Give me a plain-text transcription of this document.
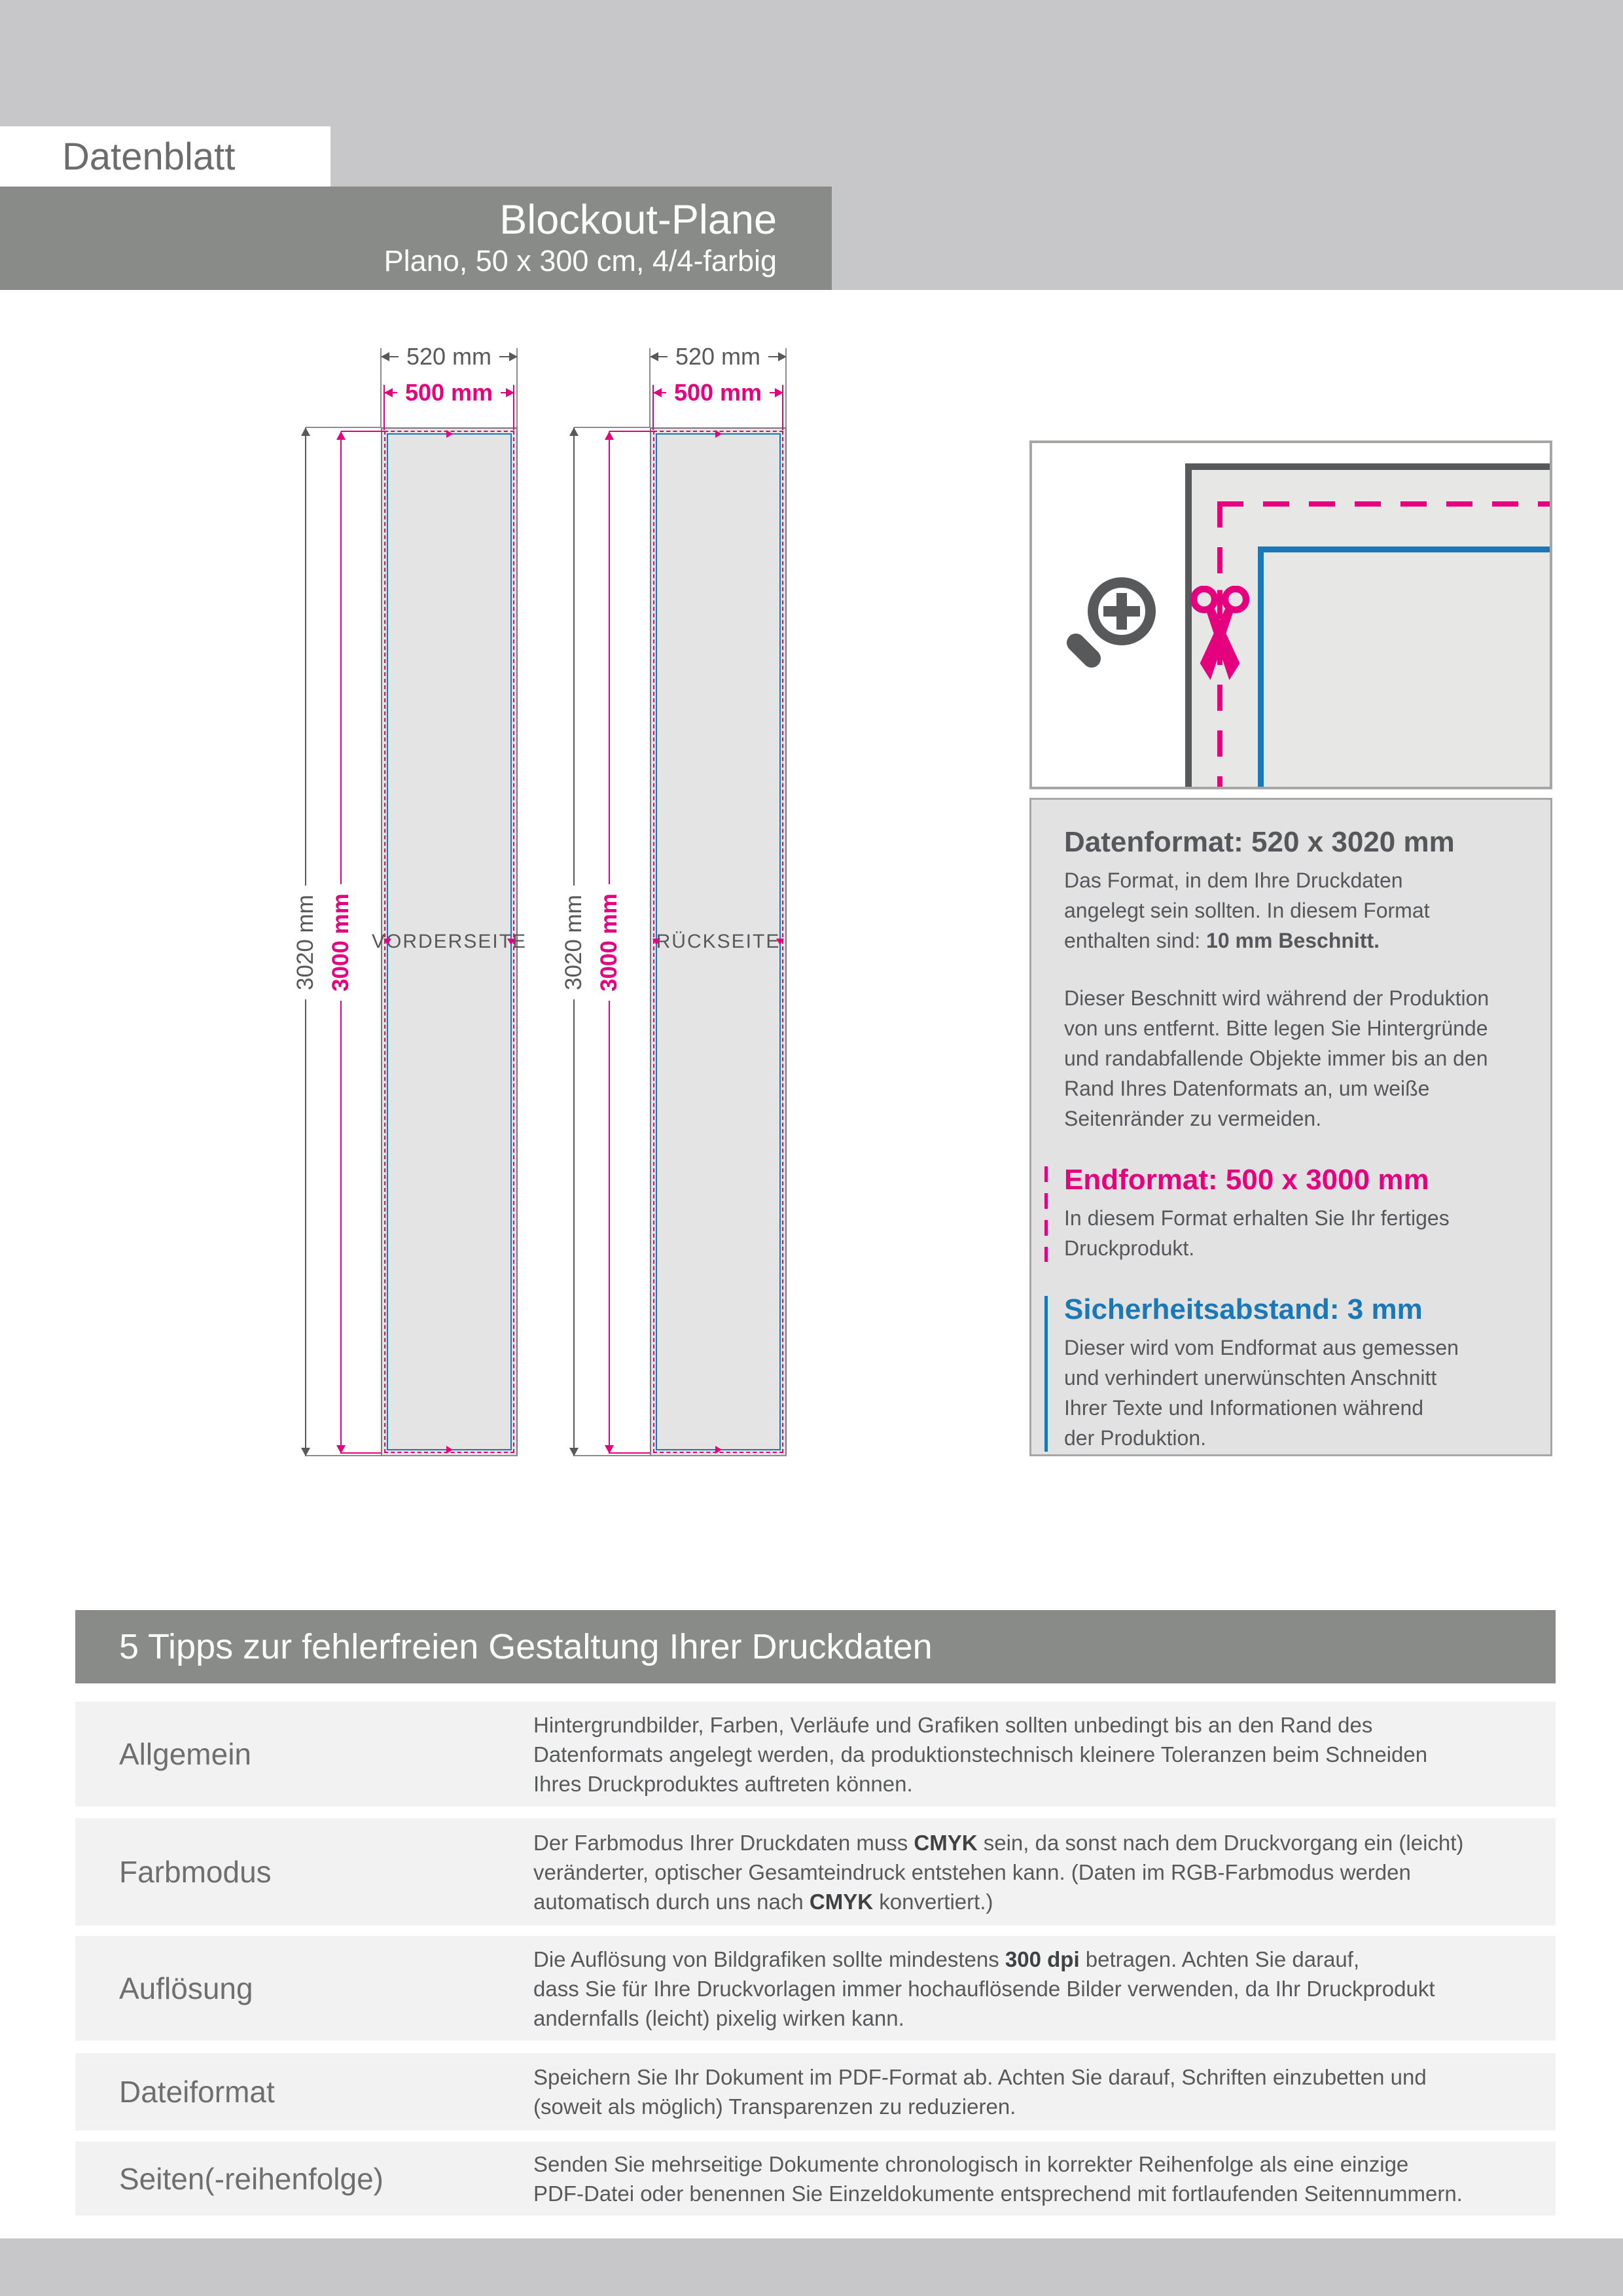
Datenblatt
Blockout-Plane
Plano, 50 x 300 cm, 4/4-farbig
VORDERSEITE
520 mm
500 mm
3020 mm 3000 mm	RÜCKSEITE
520 mm
500 mm
3020 mm 3000 mm
Datenformat: 520 x 3020 mm
Das Format, in dem Ihre Druckdaten
angelegt sein sollten. In diesem Format
enthalten sind: 10 mm Beschnitt.
Dieser Beschnitt wird während der Produktion
von uns entfernt. Bitte legen Sie Hintergründe
und randabfallende Objekte immer bis an den
Rand Ihres Datenformats an, um weiße
Seitenränder zu vermeiden.
Endformat: 500 x 3000 mm
In diesem Format erhalten Sie Ihr fertiges
Druckprodukt.
Sicherheitsabstand: 3 mm
Dieser wird vom Endformat aus gemessen
und verhindert unerwünschten Anschnitt
Ihrer Texte und Informationen während
der Produktion.
5 Tipps zur fehlerfreien Gestaltung Ihrer Druckdaten
Allgemein
Hintergrundbilder, Farben, Verläufe und Grafiken sollten unbedingt bis an den Rand des
Datenformats angelegt werden, da produktionstechnisch kleinere Toleranzen beim Schneiden
Ihres Druckproduktes auftreten können.
Farbmodus
Der Farbmodus Ihrer Druckdaten muss CMYK sein, da sonst nach dem Druckvorgang ein (leicht)
veränderter, optischer Gesamteindruck entstehen kann. (Daten im RGB-Farbmodus werden
automatisch durch uns nach CMYK konvertiert.)
Auflösung
Die Auflösung von Bildgrafiken sollte mindestens 300 dpi betragen. Achten Sie darauf,
dass Sie für Ihre Druckvorlagen immer hochauflösende Bilder verwenden, da Ihr Druckprodukt
andernfalls (leicht) pixelig wirken kann.
Dateiformat	Speichern Sie Ihr Dokument im PDF-Format ab. Achten Sie darauf, Schriften einzubetten und
(soweit als möglich) Transparenzen zu reduzieren.
Seiten(-reihenfolge)	Senden Sie mehrseitige Dokumente chronologisch in korrekter Reihenfolge als eine einzige
PDF-Datei oder benennen Sie Einzeldokumente entsprechend mit fortlaufenden Seitennummern.
